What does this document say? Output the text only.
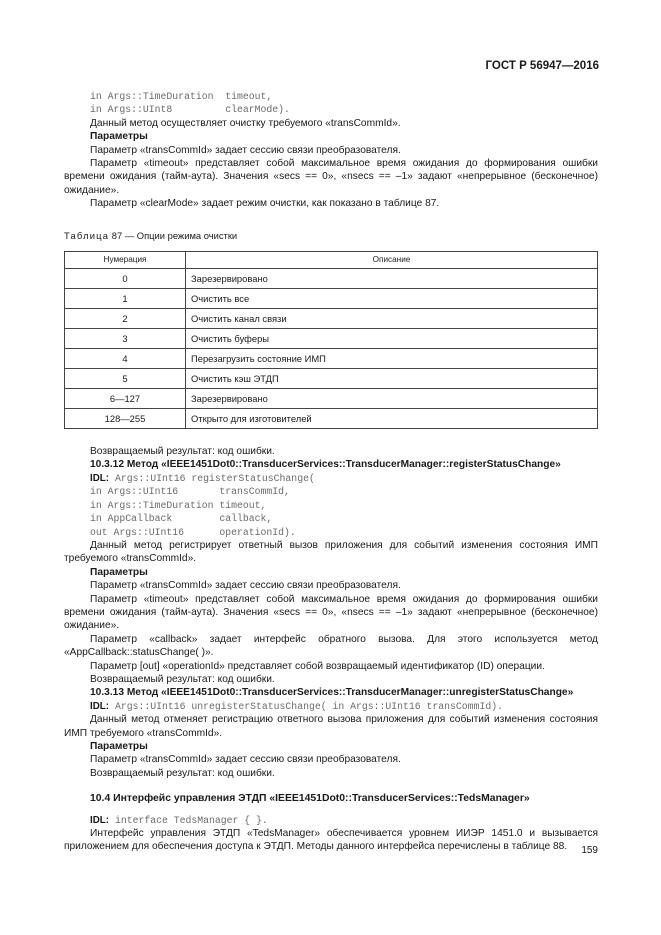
ГОСТ Р 56947—2016
in Args::TimeDuration  timeout,
in Args::UInt8         clearMode).
Данный метод осуществляет очистку требуемого «transCommId».
Параметры
Параметр «transCommId» задает сессию связи преобразователя.
Параметр «timeout» представляет собой максимальное время ожидания до формирования ошибки времени ожидания (тайм-аута). Значения «secs == 0», «nsecs == –1» задают «непрерывное (бесконечное) ожидание».
Параметр «clearMode» задает режим очистки, как показано в таблице 87.
Таблица 87 — Опции режима очистки
Нумерация	Описание
0	Зарезервировано
1	Очистить все
2	Очистить канал связи
3	Очистить буферы
4	Перезагрузить состояние ИМП
5	Очистить кэш ЭТДП
6—127	Зарезервировано
128—255	Открыто для изготовителей
Возвращаемый результат: код ошибки.
10.3.12 Метод «IEEE1451Dot0::TransducerServices::TransducerManager::registerStatusChange»
IDL: Args::UInt16 registerStatusChange(
in Args::UInt16       transCommId,
in Args::TimeDuration timeout,
in AppCallback        callback,
out Args::UInt16      operationId).
Данный метод регистрирует ответный вызов приложения для событий изменения состояния ИМП требуемого «transCommId».
Параметры
Параметр «transCommId» задает сессию связи преобразователя.
Параметр «timeout» представляет собой максимальное время ожидания до формирования ошибки времени ожидания (тайм-аута). Значения «secs == 0», «nsecs == –1» задают «непрерывное (бесконечное) ожидание».
Параметр «callback» задает интерфейс обратного вызова. Для этого используется метод «AppCallback::statusChange( )».
Параметр [out] «operationId» представляет собой возвращаемый идентификатор (ID) операции.
Возвращаемый результат: код ошибки.
10.3.13 Метод «IEEE1451Dot0::TransducerServices::TransducerManager::unregisterStatusChange»
IDL: Args::UInt16 unregisterStatusChange( in Args::UInt16 transCommId).
Данный метод отменяет регистрацию ответного вызова приложения для событий изменения состояния ИМП требуемого «transCommId».
Параметры
Параметр «transCommId» задает сессию связи преобразователя.
Возвращаемый результат: код ошибки.
10.4 Интерфейс управления ЭТДП «IEEE1451Dot0::TransducerServices::TedsManager»
IDL: interface TedsManager { }.
Интерфейс управления ЭТДП «TedsManager» обеспечивается уровнем ИИЭР 1451.0 и вызывается приложением для обеспечения доступа к ЭТДП. Методы данного интерфейса перечислены в таблице 88.	159
